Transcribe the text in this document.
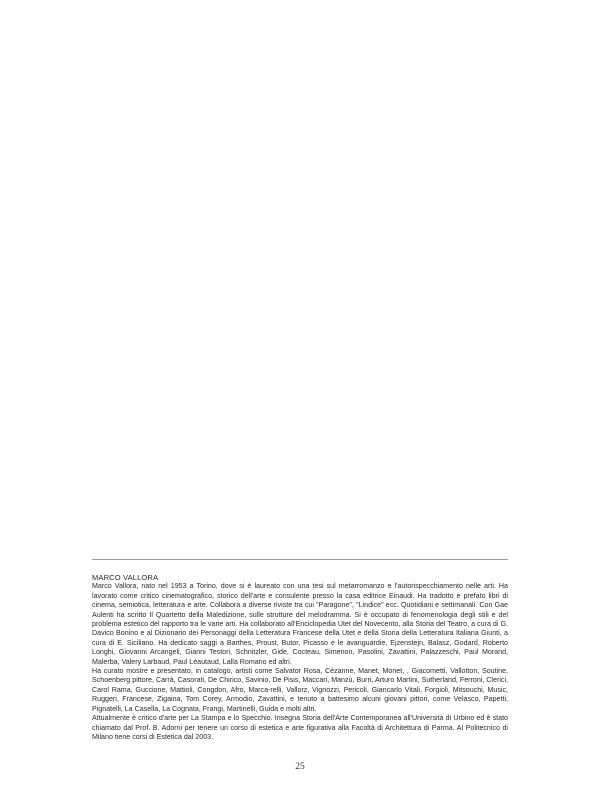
MARCO VALLORA

Marco Vallora, nato nel 1953 a Torino, dove si è laureato con una tesi sul metarromanzo e l'autorispecchiamento nelle arti. Ha lavorato come critico cinematografico, storico dell'arte e consulente presso la casa editrice Einaudi. Ha tradotto e prefato libri di cinema, semiotica, letteratura e arte. Collabora a diverse riviste tra cui "Paragone", "Lindice" ecc. Quotidiani e settimanali. Con Gae Aulenti ha scritto Il Quartetto della Maledizione, sulle strutture del melodramma. Si è occupato di fenomenologia degli stili e del problema estetico del rapporto tra le varie arti. Ha collaborato all'Enciclopedia Utet del Novecento, alla Storia del Teatro, a cura di G. Davico Bonino e al Dizionario dei Personaggi della Letteratura Francese della Utet e della Storia della Letteratura Italiana Giunti, a cura di E. Siciliano. Ha dedicato saggi a Barthes, Proust, Butor, Picasso e le avanguardie, Ejzenstejn, Balasz, Godard, Roberto Longhi, Giovanni Arcangeli, Gianni Testori, Schnitzler, Gide, Cocteau, Simenon, Pasolini, Zavattini, Palazzeschi, Paul Morand, Malerba, Valery Larbaud, Paul Léautaud, Lalla Romano ed altri.

Ha curato mostre e presentato, in catalogo, artisti come Salvator Rosa, Cézanne, Manet, Monet, , Giacometti, Vallotton, Soutine, Schoenberg pittore, Carrà, Casorati, De Chirico, Savinio, De Pisis, Maccari, Manzù, Burri, Arturo Martini, Sutherland, Ferroni, Clerici, Carol Rama, Guccione, Mattioli, Congdon, Afro, Marca-relli, Vallorz, Vignozzi, Pericoli, Giancarlo Vitali, Forgioli, Mitsouchi, Music, Ruggeri, Francese, Zigaina, Tom Corey, Armodio, Zavattini, e tenuto a battesimo alcuni giovani pittori, come Velasco, Papetti, Pignatelli, La Casella, La Cognata, Frangi, Martinelli, Guida e molti altri.

Attualmente è critico d'arte per La Stampa e lo Specchio. Insegna Storia dell'Arte Contemporanea all'Università di Urbino ed è stato chiamato dal Prof. B. Adorni per tenere un corso di estetica e arte figurativa alla Facoltà di Architettura di Parma. Al Politecnico di Milano tiene corsi di Estetica dal 2003.

25
